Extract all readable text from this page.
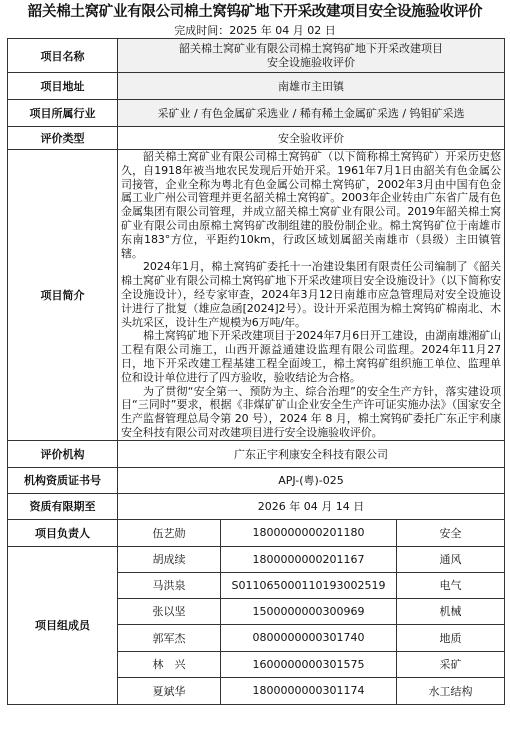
韶关棉土窝矿业有限公司棉土窝钨矿地下开采改建项目安全设施验收评价
完成时间：2025 年 04 月 02 日
项目名称	韶关棉土窝矿业有限公司棉土窝钨矿地下开采改建项目
安全设施验收评价		

项目地址	南雄市主田镇		
项目所属行业	采矿业 / 有色金属矿采选业 / 稀有稀土金属矿采选 / 钨钼矿采选		
评价类型	安全验收评价		
项目简介	韶关棉土窝矿业有限公司棉土窝钨矿（以下简称棉土窝钨矿）开采历史悠久，自1918年被当地农民发现后开始开采。1961年7月1日由韶关有色金属公司接管，企业全称为粤北有色金属公司棉土窝钨矿，2002年3月由中国有色金属工业广州公司管理并更名韶关棉土窝钨矿。2003年企业转由广东省广晟有色金属集团有限公司管理，并成立韶关棉土窝矿业有限公司。2019年韶关棉土窝矿业有限公司由原棉土窝钨矿改制组建的股份制企业。棉土窝钨矿位于南雄市东南183°方位，平距约10km，行政区域划属韶关南雄市（县级）主田镇管辖。

2024年1月，棉土窝钨矿委托十一冶建设集团有限责任公司编制了《韶关棉土窝矿业有限公司棉土窝钨矿地下开采改建项目安全设施设计》（以下简称安全设施设计），经专家审查，2024年3月12日南雄市应急管理局对安全设施设计进行了批复（雄应急函[2024]2号）。设计开采范围为棉土窝钨矿棉南北、木头坑采区，设计生产规模为6万吨/年。

棉土窝钨矿地下开采改建项目于2024年7月6日开工建设，由湖南雄湘矿山工程有限公司施工，山西开源益通建设监理有限公司监理。2024年11月27日，地下开采改建工程基建工程全面竣工，棉土窝钨矿组织施工单位、监理单位和设计单位进行了四方验收，验收结论为合格。

为了贯彻“安全第一、预防为主、综合治理”的安全生产方针，落实建设项目“三同时”要求，根据《非煤矿矿山企业安全生产许可证实施办法》（国家安全生产监督管理总局令第 20 号），2024 年 8 月，棉土窝钨矿委托广东正宇利康安全科技有限公司对改建项目进行安全设施验收评价。		

评价机构	广东正宇利康安全科技有限公司		
机构资质证书号	APJ-(粤)-025		
资质有限期至	2026 年 04 月 14 日		
项目负责人	伍艺勋	1800000000201180	安全
项目组成员	胡成续	1800000000201167	通风
	马洪泉	S011065000110193002519	电气
	张以坚	1500000000300969	机械
	郭军杰	0800000000301740	地质
	林　兴	1600000000301575	采矿
	夏斌华	1800000000301174	水工结构
